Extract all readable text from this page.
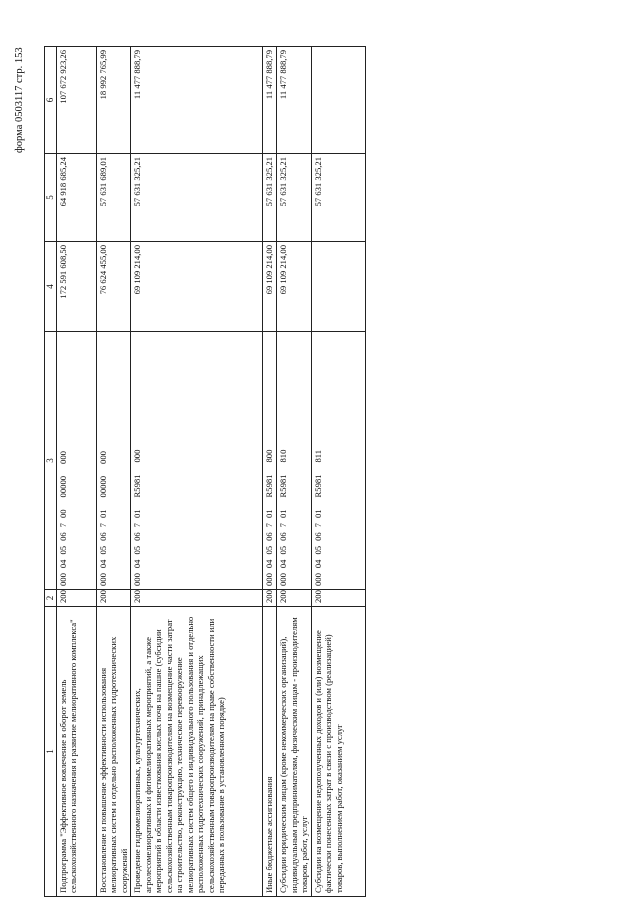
форма 0503117 стр. 153
1	2	3	4	5	6
Подпрограмма "Эффективное вовлечение в оборот земель сельскохозяйственного назначения и развитие мелиоративного комплекса"	200	00004050670000000000	172 591 608,50	64 918 685,24	107 672 923,26
Восстановление и повышение эффективности использования мелиоративных систем и отдельно расположенных гидротехнических сооружений	200	00004050670100000000	76 624 455,00	57 631 689,01	18 992 765,99
Проведение гидромелиоративных, культуртехнических, агролесомелиоративных и фитомелиоративных мероприятий, а также мероприятий в области известкования кислых почв на пашне (субсидии сельскохозяйственным товаропроизводителям на возмещение части затрат на строительство, реконструкцию, техническое перевооружение мелиоративных систем общего и индивидуального пользования и отдельно расположенных гидротехнических сооружений, принадлежащих сельскохозяйственным товаропроизводителям на праве собственности или переданных в пользование в установленном порядке)	200	000040506701R5981000	69 109 214,00	57 631 325,21	11 477 888,79
Иные бюджетные ассигнования	200	000040506701R5981800	69 109 214,00	57 631 325,21	11 477 888,79
Субсидии юридическим лицам (кроме некоммерческих организаций), индивидуальным предпринимателям, физическим лицам - производителям товаров, работ, услуг	200	000040506701R5981810	69 109 214,00	57 631 325,21	11 477 888,79
Субсидии на возмещение недополученных доходов и (или) возмещение фактически понесенных затрат в связи с производством (реализацией) товаров, выполнением работ, оказанием услуг	200	000040506701R5981811		57 631 325,21	
